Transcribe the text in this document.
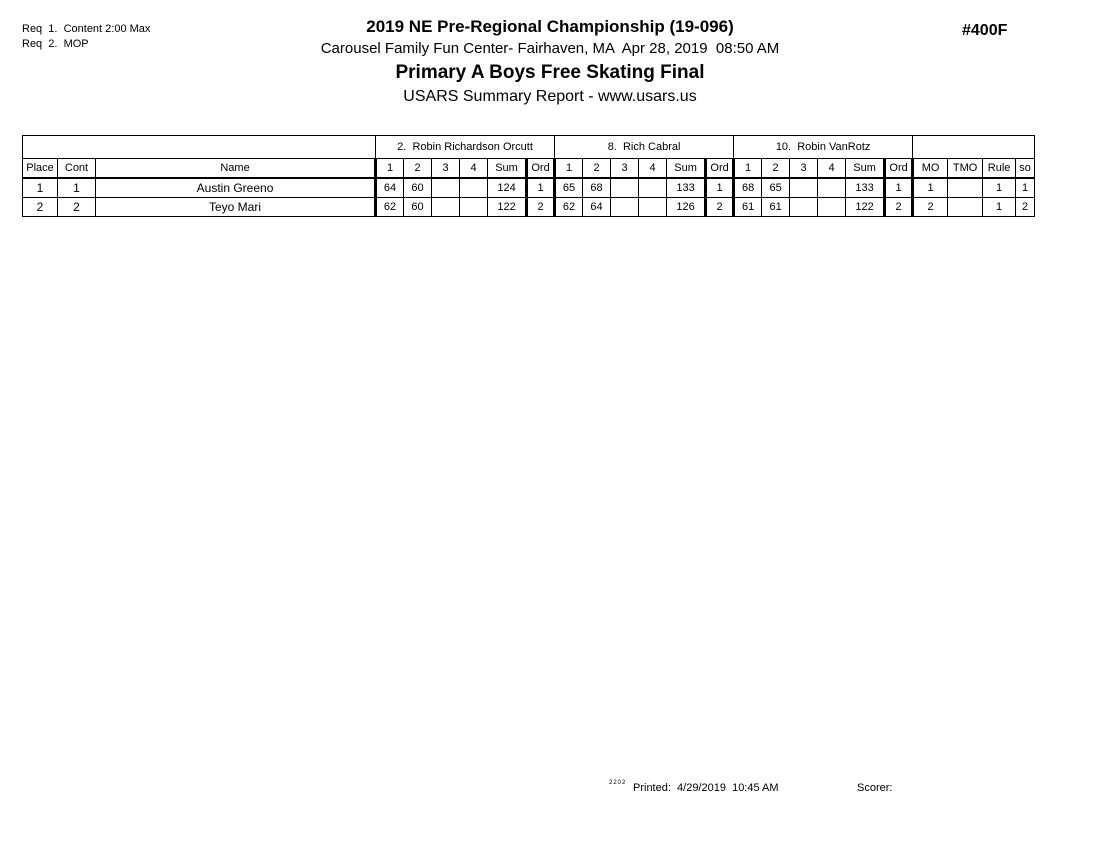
Req  1.  Content 2:00 Max
Req  2.  MOP
#400F
2019 NE Pre-Regional Championship (19-096)
Carousel Family Fun Center- Fairhaven, MA  Apr 28, 2019  08:50 AM
Primary A Boys Free Skating Final
USARS Summary Report - www.usars.us
			2.  Robin Richardson Orcutt						8.  Rich Cabral						10.  Robin VanRotz									
Place	Cont	Name	1	2	3	4	Sum	Ord	1	2	3	4	Sum	Ord	1	2	3	4	Sum	Ord	MO	TMO	Rule	so
1	1	Austin Greeno	64	60			124	1	65	68			133	1	68	65			133	1	1		1	1
2	2	Teyo Mari	62	60			122	2	62	64			126	2	61	61			122	2	2		1	2
2202 Printed:  4/29/2019  10:45 AM	Scorer:
